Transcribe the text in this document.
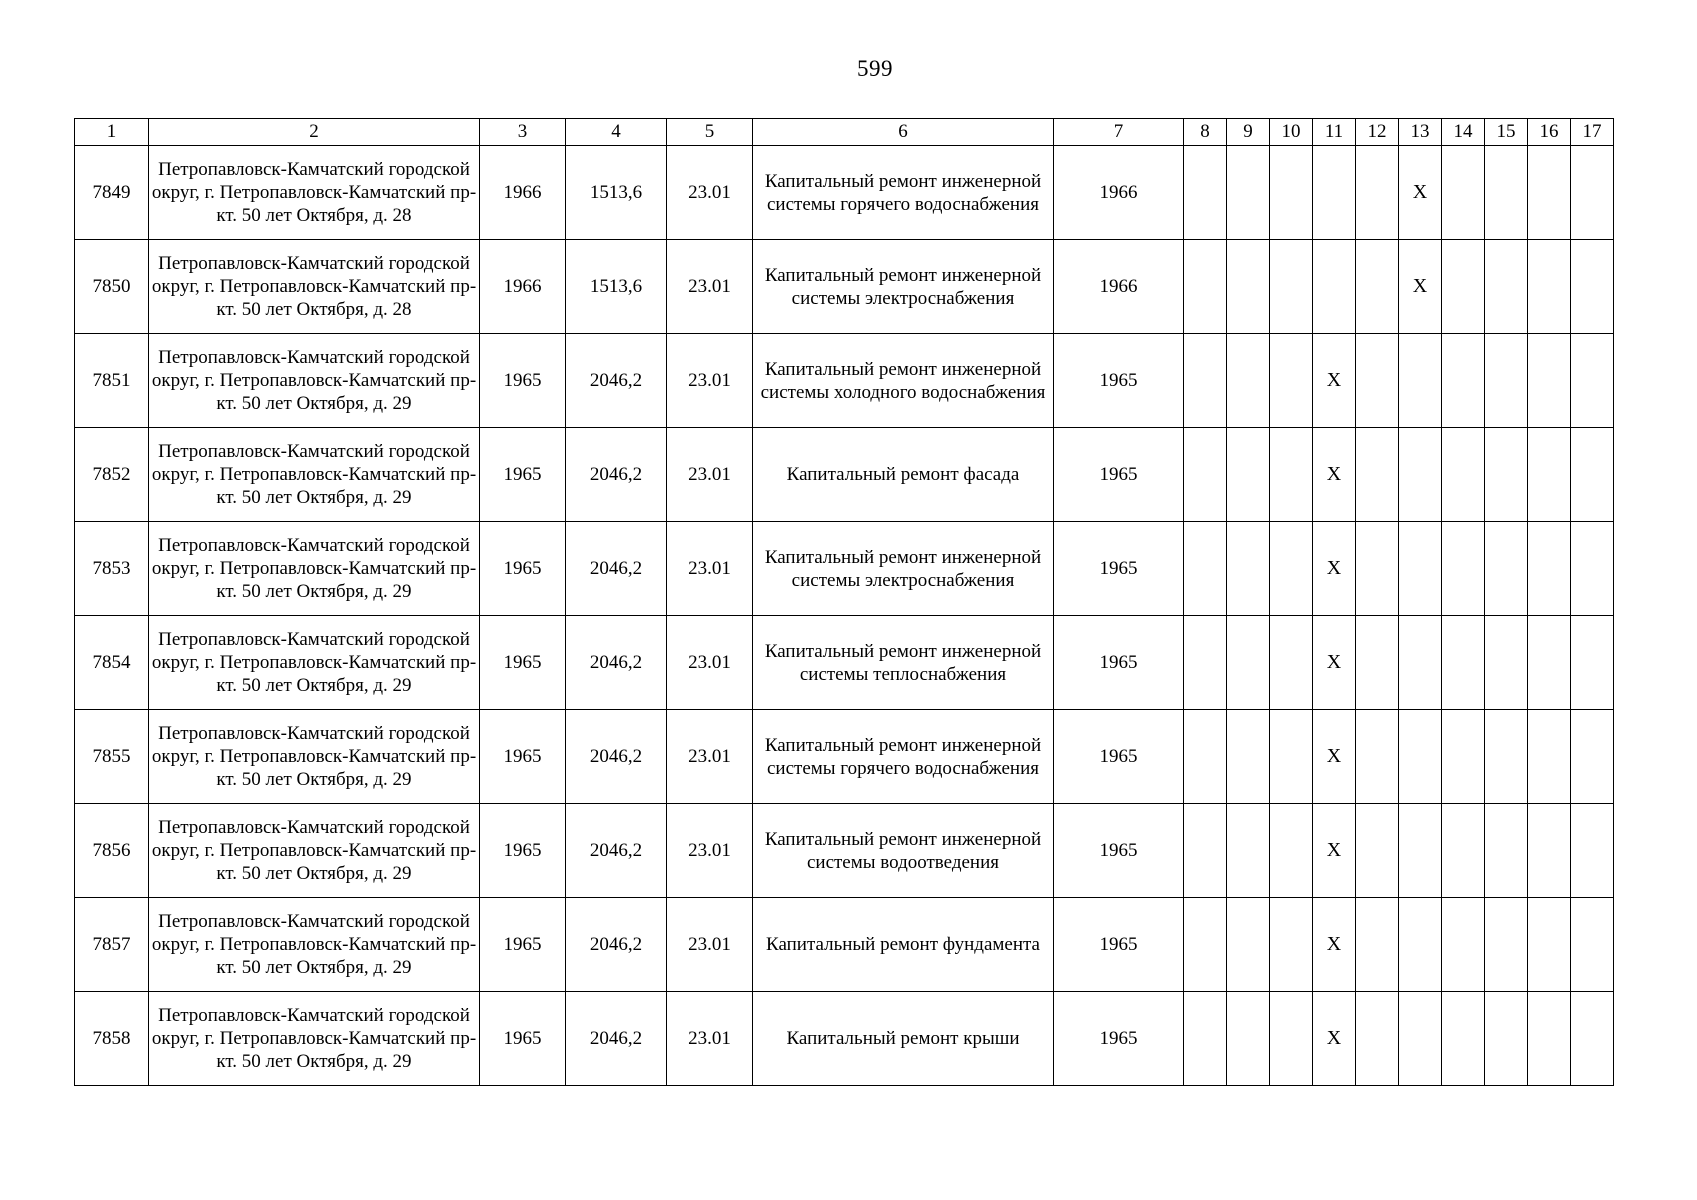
599
1	2	3	4	5	6	7	8	9	10	11	12	13	14	15	16	17
7849	Петропавловск-Камчатский городской округ, г. Петропавловск-Камчатский пр-кт. 50 лет Октября, д. 28	1966	1513,6	23.01	Капитальный ремонт инженерной системы горячего водоснабжения	1966						X				
7850	Петропавловск-Камчатский городской округ, г. Петропавловск-Камчатский пр-кт. 50 лет Октября, д. 28	1966	1513,6	23.01	Капитальный ремонт инженерной системы электроснабжения	1966						X				
7851	Петропавловск-Камчатский городской округ, г. Петропавловск-Камчатский пр-кт. 50 лет Октября, д. 29	1965	2046,2	23.01	Капитальный ремонт инженерной системы холодного водоснабжения	1965				X						
7852	Петропавловск-Камчатский городской округ, г. Петропавловск-Камчатский пр-кт. 50 лет Октября, д. 29	1965	2046,2	23.01	Капитальный ремонт фасада	1965				X						
7853	Петропавловск-Камчатский городской округ, г. Петропавловск-Камчатский пр-кт. 50 лет Октября, д. 29	1965	2046,2	23.01	Капитальный ремонт инженерной системы электроснабжения	1965				X						
7854	Петропавловск-Камчатский городской округ, г. Петропавловск-Камчатский пр-кт. 50 лет Октября, д. 29	1965	2046,2	23.01	Капитальный ремонт инженерной системы теплоснабжения	1965				X						
7855	Петропавловск-Камчатский городской округ, г. Петропавловск-Камчатский пр-кт. 50 лет Октября, д. 29	1965	2046,2	23.01	Капитальный ремонт инженерной системы горячего водоснабжения	1965				X						
7856	Петропавловск-Камчатский городской округ, г. Петропавловск-Камчатский пр-кт. 50 лет Октября, д. 29	1965	2046,2	23.01	Капитальный ремонт инженерной системы водоотведения	1965				X						
7857	Петропавловск-Камчатский городской округ, г. Петропавловск-Камчатский пр-кт. 50 лет Октября, д. 29	1965	2046,2	23.01	Капитальный ремонт фундамента	1965				X						
7858	Петропавловск-Камчатский городской округ, г. Петропавловск-Камчатский пр-кт. 50 лет Октября, д. 29	1965	2046,2	23.01	Капитальный ремонт крыши	1965				X						
